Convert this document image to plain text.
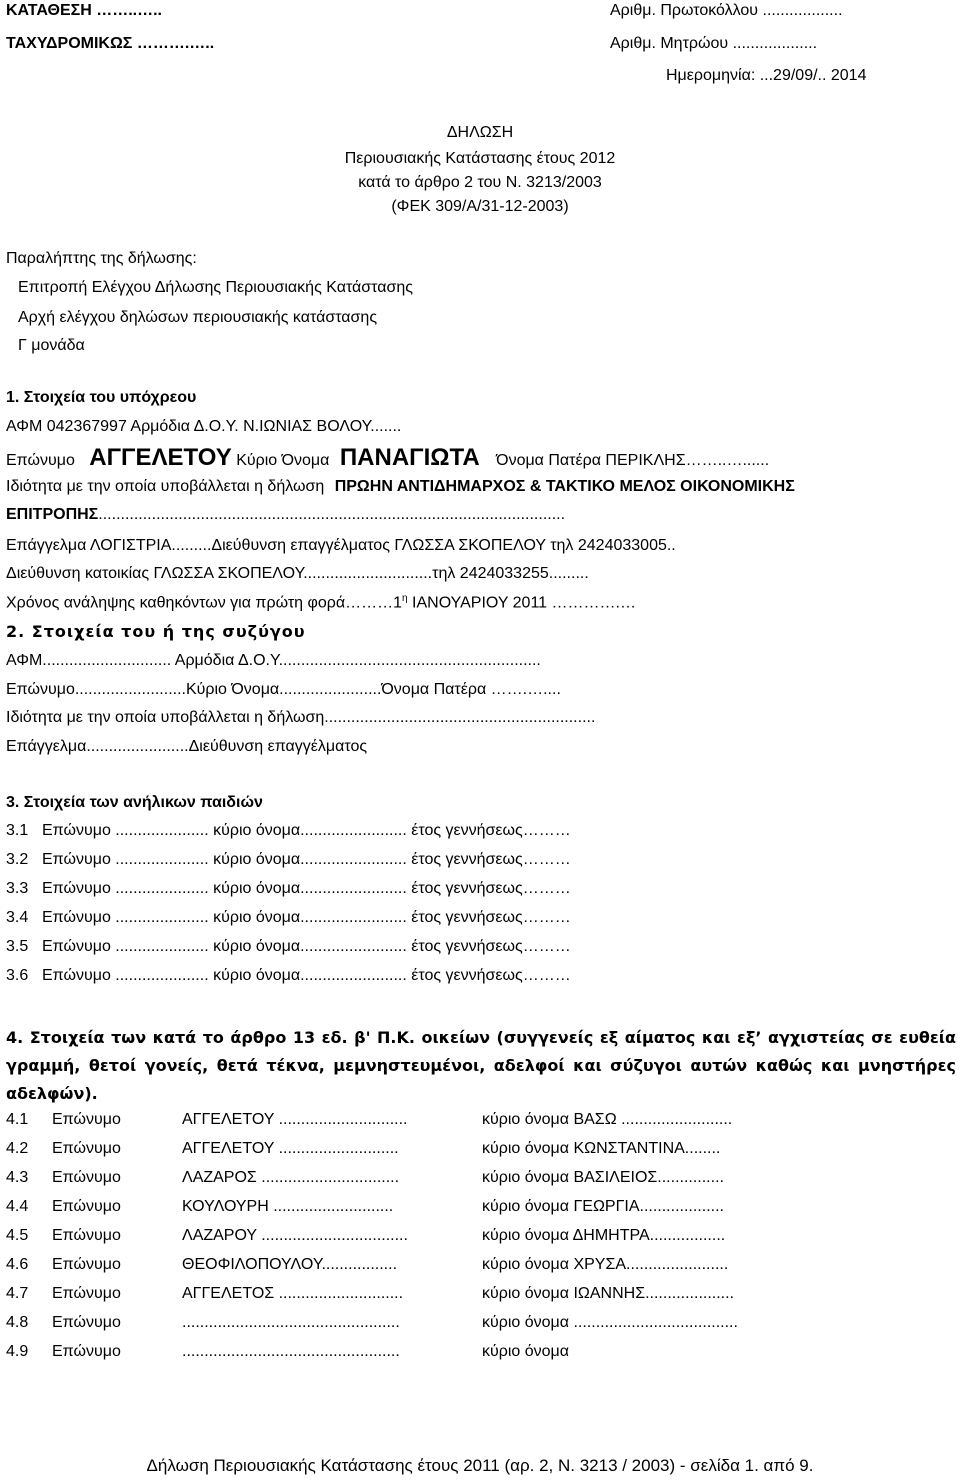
ΚΑΤΑΘΕΣΗ ……..…..
ΤΑΧΥΔΡΟΜΙΚΩΣ ……….…..
Αριθμ. Πρωτοκόλλου ..................
Αριθμ. Μητρώου ...................
Ημερομηνία: ...29/09/.. 2014
ΔΗΛΩΣΗ
Περιουσιακής Κατάστασης έτους 2012
κατά το άρθρο 2 του Ν. 3213/2003
(ΦΕΚ 309/Α/31-12-2003)
Παραλήπτης της δήλωσης:
Επιτροπή Ελέγχου Δήλωσης Περιουσιακής Κατάστασης
Αρχή ελέγχου δηλώσων περιουσιακής κατάστασης
Γ μονάδα
1. Στοιχεία του υπόχρεου
ΑΦΜ 042367997 Αρμόδια Δ.Ο.Υ. Ν.ΙΩΝΙΑΣ ΒΟΛΟΥ.......
Επώνυμο ΑΓΓΕΛΕΤΟΥ Κύριο Όνομα ΠΑΝΑΓΙΩΤΑ Όνομα Πατέρα ΠΕΡΙΚΛΗΣ……..…......
Ιδιότητα με την οποία υποβάλλεται η δήλωση ΠΡΩΗΝ ΑΝΤΙΔΗΜΑΡΧΟΣ & ΤΑΚΤΙΚΟ ΜΕΛΟΣ ΟΙΚΟΝΟΜΙΚΗΣ
ΕΠΙΤΡΟΠΗΣ.........................................................................................................
Επάγγελμα ΛΟΓΙΣΤΡΙΑ.........Διεύθυνση επαγγέλματος ΓΛΩΣΣΑ ΣΚΟΠΕΛΟΥ τηλ 2424033005..
Διεύθυνση κατοικίας ΓΛΩΣΣΑ ΣΚΟΠΕΛΟΥ.............................τηλ 2424033255.........
Χρόνος ανάληψης καθηκόντων για πρώτη $\varphi o\rho ά\dots\dots\dots 1^\eta$ ΙΑΝΟΥΑΡΙΟΥ 2011 ………….…
2. Στοιχεία του ή της συζύγου
ΑΦΜ............................. Αρμόδια Δ.Ο.Υ...........................................................
Επώνυμο.........................Κύριο Όνομα.......................Όνομα Πατέρα …….…....
Ιδιότητα με την οποία υποβάλλεται η δήλωση.............................................................
Επάγγελμα.......................Διεύθυνση επαγγέλματος
3. Στοιχεία των ανήλικων παιδιών
3.1 Επώνυμο ..................... κύριο όνομα........................ έτος γεννήσεως………
3.2 Επώνυμο ..................... κύριο όνομα........................ έτος γεννήσεως………
3.3 Επώνυμο ..................... κύριο όνομα........................ έτος γεννήσεως………
3.4 Επώνυμο ..................... κύριο όνομα........................ έτος γεννήσεως………
3.5 Επώνυμο ..................... κύριο όνομα........................ έτος γεννήσεως………
3.6 Επώνυμο ..................... κύριο όνομα........................ έτος γεννήσεως………
4. Στοιχεία των κατά το άρθρο 13 εδ. β' Π.Κ. οικείων (συγγενείς εξ αίματος και εξ’ αγχιστείας σε ευθεία γραμμή, θετοί γονείς, θετά τέκνα, μεμνηστευμένοι, αδελφοί και σύζυγοι αυτών καθώς και μνηστήρες αδελφών).
4.1 Επώνυμο	ΑΓΓΕΛΕΤΟΥ .............................	κύριο όνομα ΒΑΣΩ .........................
4.2 Επώνυμο	ΑΓΓΕΛΕΤΟΥ ...........................	κύριο όνομα ΚΩΝΣΤΑΝΤΙΝΑ........
4.3 Επώνυμο	ΛΑΖΑΡΟΣ ...............................	κύριο όνομα ΒΑΣΙΛΕΙΟΣ...............
4.4 Επώνυμο	ΚΟΥΛΟΥΡΗ ...........................	κύριο όνομα ΓΕΩΡΓΙΑ...................
4.5 Επώνυμο	ΛΑΖΑΡΟΥ .................................	κύριο όνομα ΔΗΜΗΤΡΑ.................
4.6 Επώνυμο	ΘΕΟΦΙΛΟΠΟΥΛΟΥ.................	κύριο όνομα ΧΡΥΣΑ.......................
4.7 Επώνυμο	ΑΓΓΕΛΕΤΟΣ ............................	κύριο όνομα ΙΩΑΝΝΗΣ....................
4.8 Επώνυμο	.................................................	κύριο όνομα .....................................
4.9 Επώνυμο	.................................................	κύριο όνομα
Δήλωση Περιουσιακής Κατάστασης έτους 2011 (αρ. 2, Ν. 3213 / 2003) - σελίδα 1. από 9.
